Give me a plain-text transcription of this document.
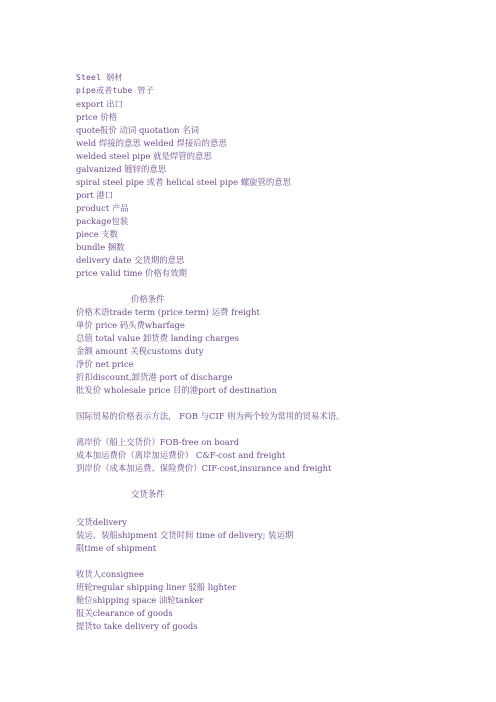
Steel 钢材

pipe或者tube 管子

export 出口

price 价格

quote报价 动词 quotation 名词

weld 焊接的意思 welded 焊接后的意思

welded steel pipe 就是焊管的意思

galvanized 镀锌的意思

spiral steel pipe 或者 helical steel pipe 螺旋管的意思

port 港口

product 产品

package包装

piece 支数

bundle 捆数

delivery date 交货期的意思

price valid time 价格有效期

价格条件

价格术语trade term (price term) 运费 freight

单价 price 码头费wharfage

总值 total value 卸货费 landing charges

金额 amount 关税customs duty

净价 net price

折扣discount,卸货港 port of discharge

批发价 wholesale price 目的港port of destination

国际贸易的价格表示方法， FOB 与CIF 则为两个较为常用的贸易术语。

离岸价（船上交货价）FOB-free on board

成本加运费价（离岸加运费价） C&F-cost and freight

到岸价（成本加运费、保险费价）CIF-cost,insurance and freight

交货条件

交货delivery

装运、装船shipment 交货时间 time of delivery; 装运期

限time of shipment

收货人consignee

班轮regular shipping liner 驳船 lighter

舱位shipping space 油轮tanker

报关clearance of goods

提货to take delivery of goods
